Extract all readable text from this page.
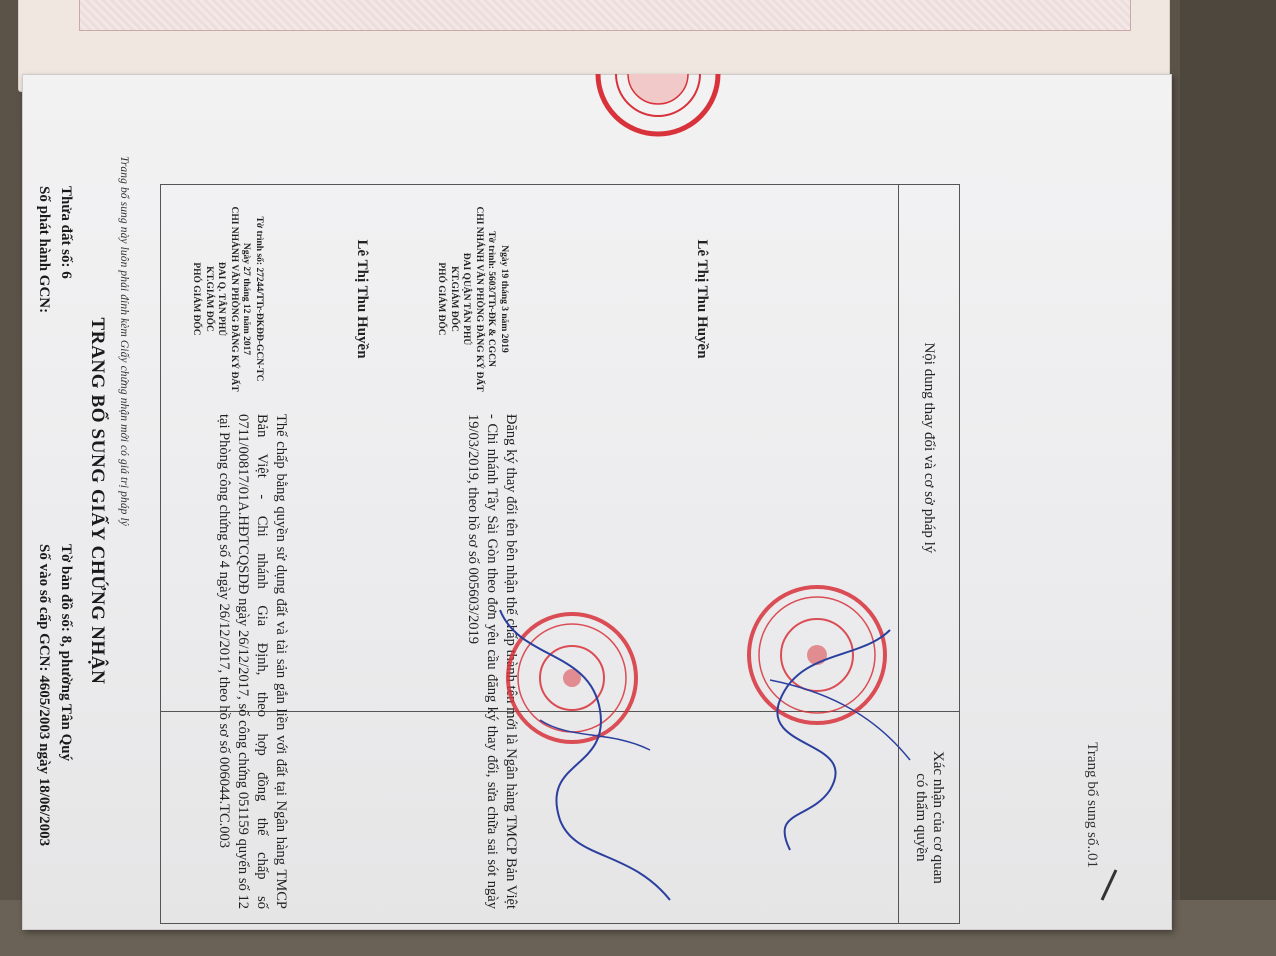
Trang bổ sung này luôn phải đính kèm Giấy chứng nhận mới có giá trị pháp lý
TRANG BỔ SUNG GIẤY CHỨNG NHẬN
Thửa đất số: 6
Tờ bản đồ số: 8, phường Tân Quý
Số phát hành GCN:
Số vào sổ cấp GCN: 4605/2003 ngày 18/06/2003
Nội dung thay đổi và cơ sở pháp lý	Xác nhận của cơ quan có thẩm quyền
		Trang bổ sung số..01
Thế chấp bằng quyền sử dụng đất và tài sản gắn liền với đất tại Ngân hàng TMCP Bản Việt - Chi nhánh Gia Định, theo hợp đồng thế chấp số 0711/00817/01A.HĐTCQSDĐ ngày 26/12/2017, số công chứng 051159 quyển số 12 tại Phòng công chứng số 4 ngày 26/12/2017, theo hồ sơ số 006044.TC.003
Tờ trình số: 27244/TTr-ĐKĐĐ-GCN-TC
Ngày 27 tháng 12 năm 2017
CHI NHÁNH VĂN PHÒNG ĐĂNG KÝ ĐẤT ĐAI Q. TÂN PHÚ
KT.GIÁM ĐỐC
PHÓ GIÁM ĐỐC	Lê Thị Thu Huyền
Đăng ký thay đổi tên bên nhận thế chấp thành tên mới là Ngân hàng TMCP Bản Việt - Chi nhánh Tây Sài Gòn theo đơn yêu cầu đăng ký thay đổi, sửa chữa sai sót ngày 19/03/2019, theo hồ sơ số 005603/2019
Ngày 19 tháng 3 năm 2019
Tờ trình: 5603/TTr-ĐK & CGCN
CHI NHÁNH VĂN PHÒNG ĐĂNG KÝ ĐẤT ĐAI QUẬN TÂN PHÚ
KT.GIÁM ĐỐC
PHÓ GIÁM ĐỐC	Lê Thị Thu Huyền
